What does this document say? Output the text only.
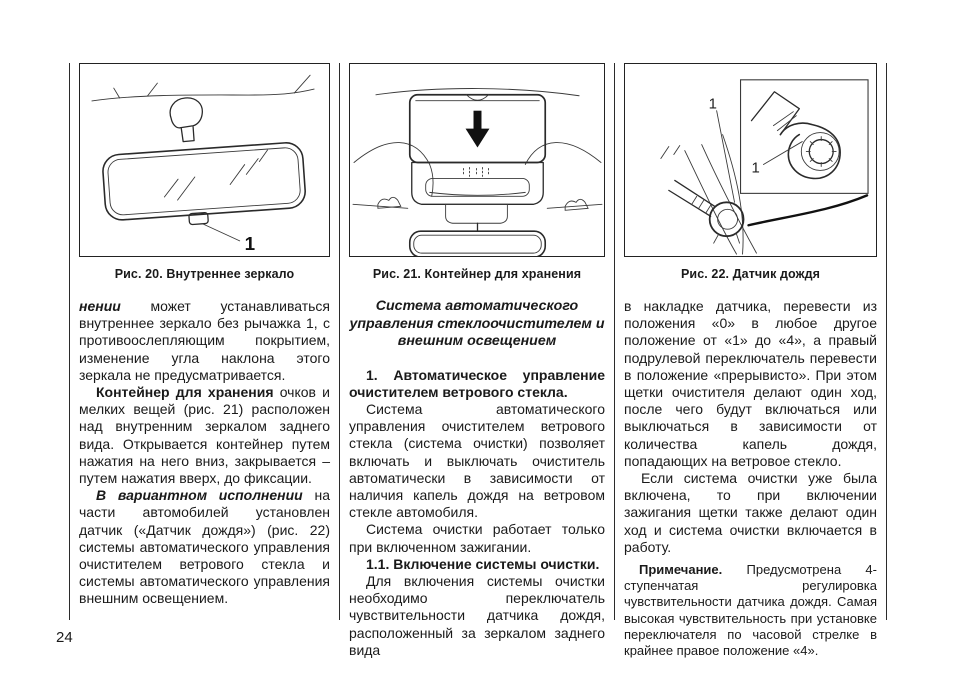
1
Рис. 20. Внутреннее зеркало

нении может устанавливаться внутреннее зеркало без рычажка 1, с противоослепляющим покрытием, изменение угла наклона этого зеркала не предусматривается.

Контейнер для хранения очков и мелких вещей (рис. 21) расположен над внутренним зеркалом заднего вида. Открывается контейнер путем нажатия на него вниз, закрывается – путем нажатия вверх, до фиксации.

В вариантном исполнении на части автомобилей установлен датчик («Датчик дождя») (рис. 22) системы автоматического управления очистителем ветрового стекла и системы автоматического управления внешним освещением.

Рис. 21. Контейнер для хранения
Система автоматического управления стеклоочистителем и внешним освещением

1. Автоматическое управление очистителем ветрового стекла.

Система автоматического управления очистителем ветрового стекла (система очистки) позволяет включать и выключать очиститель автоматически в зависимости от наличия капель дождя на ветровом стекле автомобиля.

Система очистки работает только при включенном зажигании.

1.1. Включение системы очистки.

Для включения системы очистки необходимо переключатель чувствительности датчика дождя, расположенный за зеркалом заднего вида

1
1
Рис. 22. Датчик дождя

в накладке датчика, перевести из положения «0» в любое другое положение от «1» до «4», а правый подрулевой переключатель перевести в положение «прерывисто». При этом щетки очистителя делают один ход, после чего будут включаться или выключаться в зависимости от количества капель дождя, попадающих на ветровое стекло.

Если система очистки уже была включена, то при включении зажигания щетки также делают один ход и система очистки включается в работу.

Примечание. Предусмотрена 4-ступенчатая регулировка чувствительности датчика дождя. Самая высокая чувствительность при установке переключателя по часовой стрелке в крайнее правое положение «4».

24
